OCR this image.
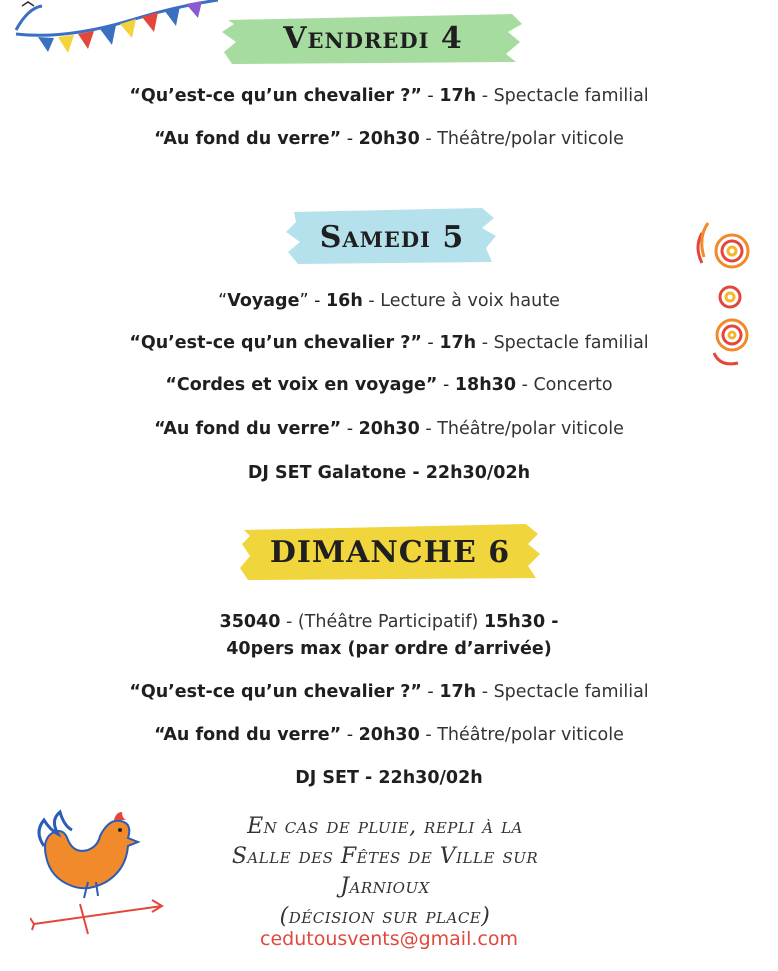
Vendredi 4
“Qu’est-ce qu’un chevalier ?” - 17h - Spectacle familial
“Au fond du verre” - 20h30 - Théâtre/polar viticole
Samedi 5
“Voyage” - 16h - Lecture à voix haute
“Qu’est-ce qu’un chevalier ?” - 17h - Spectacle familial
“Cordes et voix en voyage” - 18h30 - Concerto
“Au fond du verre” - 20h30 - Théâtre/polar viticole
DJ SET Galatone - 22h30/02h
DIMANCHE 6
35040 - (Théâtre Participatif) 15h30 -
40pers max (par ordre d’arrivée)
“Qu’est-ce qu’un chevalier ?” - 17h - Spectacle familial
“Au fond du verre” - 20h30 - Théâtre/polar viticole
DJ SET - 22h30/02h
En cas de pluie, repli à la
Salle des Fêtes de Ville sur Jarnioux
(décision sur place)
cedutousvents@gmail.com
